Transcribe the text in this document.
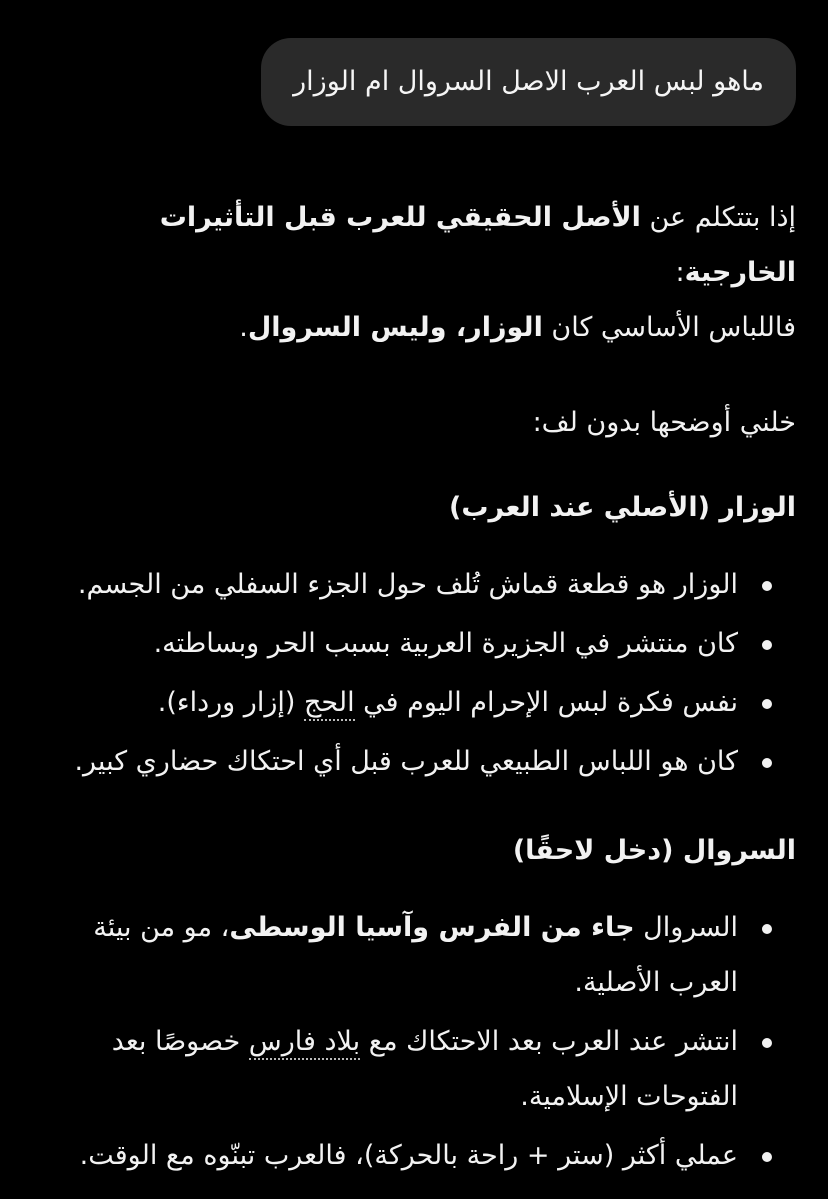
ماهو لبس العرب الاصل السروال ام الوزار

إذا بتتكلم عن الأصل الحقيقي للعرب قبل التأثيرات الخارجية:

فاللباس الأساسي كان الوزار، وليس السروال.

خلني أوضحها بدون لف:

الوزار (الأصلي عند العرب)
الوزار هو قطعة قماش تُلف حول الجزء السفلي من الجسم.
كان منتشر في الجزيرة العربية بسبب الحر وبساطته.
نفس فكرة لبس الإحرام اليوم في الحج (إزار ورداء).
كان هو اللباس الطبيعي للعرب قبل أي احتكاك حضاري كبير.
السروال (دخل لاحقًا)
السروال جاء من الفرس وآسيا الوسطى، مو من بيئة العرب الأصلية.
انتشر عند العرب بعد الاحتكاك مع بلاد فارس خصوصًا بعد الفتوحات الإسلامية.
عملي أكثر (ستر + راحة بالحركة)، فالعرب تبنّوه مع الوقت.
